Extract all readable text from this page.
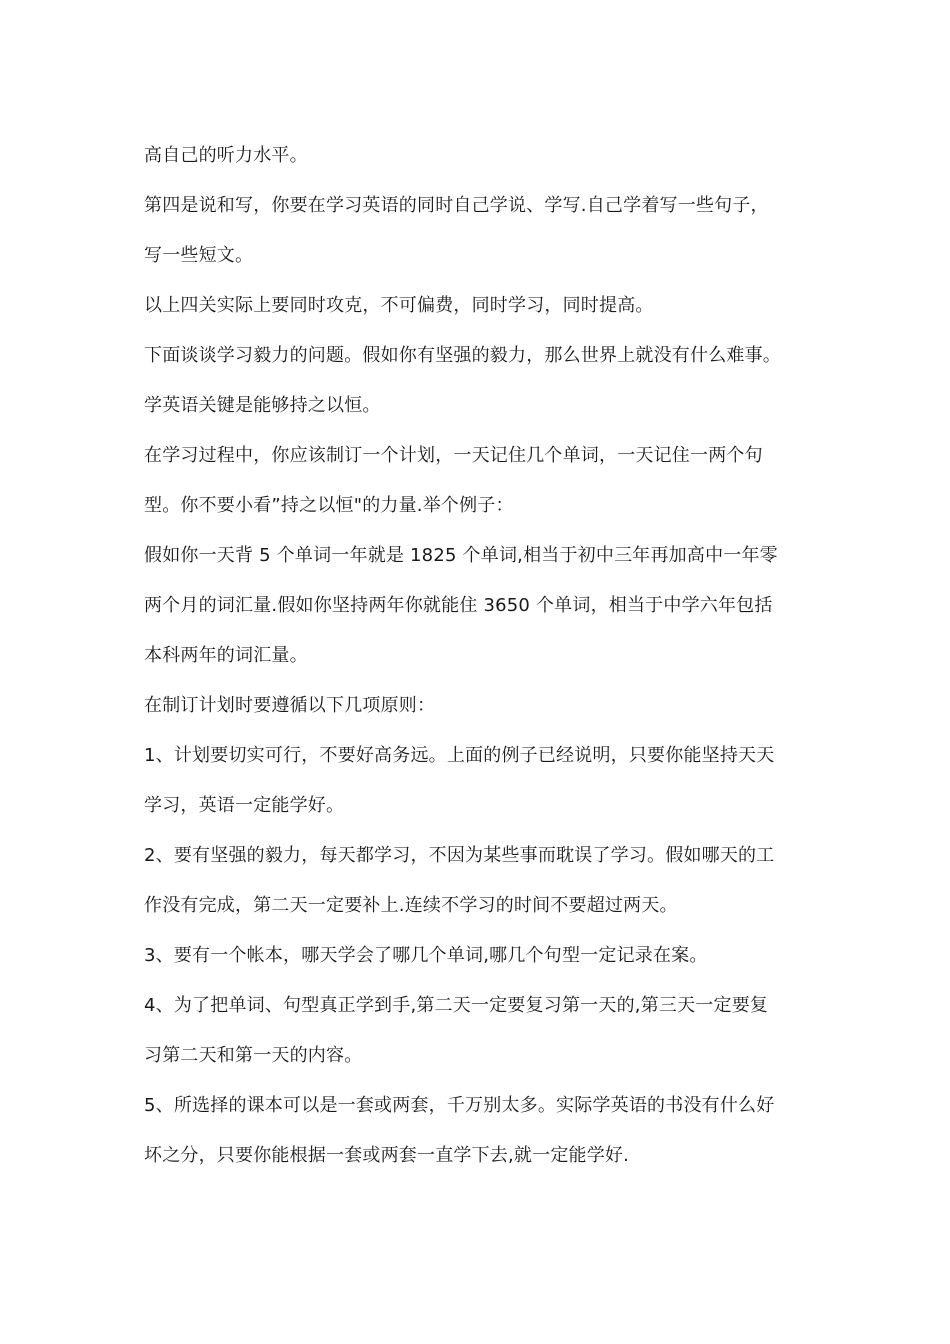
高自己的听力水平。

第四是说和写，你要在学习英语的同时自己学说、学写.自己学着写一些句子，
写一些短文。

以上四关实际上要同时攻克，不可偏费，同时学习，同时提高。

下面谈谈学习毅力的问题。假如你有坚强的毅力，那么世界上就没有什么难事。

学英语关键是能够持之以恒。

在学习过程中，你应该制订一个计划，一天记住几个单词，一天记住一两个句
型。你不要小看”持之以恒"的力量.举个例子：

假如你一天背 5 个单词一年就是 1825 个单词,相当于初中三年再加高中一年零
两个月的词汇量.假如你坚持两年你就能住 3650 个单词，相当于中学六年包括
本科两年的词汇量。

在制订计划时要遵循以下几项原则：

1、计划要切实可行，不要好高务远。上面的例子已经说明，只要你能坚持天天
学习，英语一定能学好。

2、要有坚强的毅力，每天都学习，不因为某些事而耽误了学习。假如哪天的工
作没有完成，第二天一定要补上.连续不学习的时间不要超过两天。

3、要有一个帐本，哪天学会了哪几个单词,哪几个句型一定记录在案。

4、为了把单词、句型真正学到手,第二天一定要复习第一天的,第三天一定要复
习第二天和第一天的内容。

5、所选择的课本可以是一套或两套，千万别太多。实际学英语的书没有什么好
坏之分，只要你能根据一套或两套一直学下去,就一定能学好.
